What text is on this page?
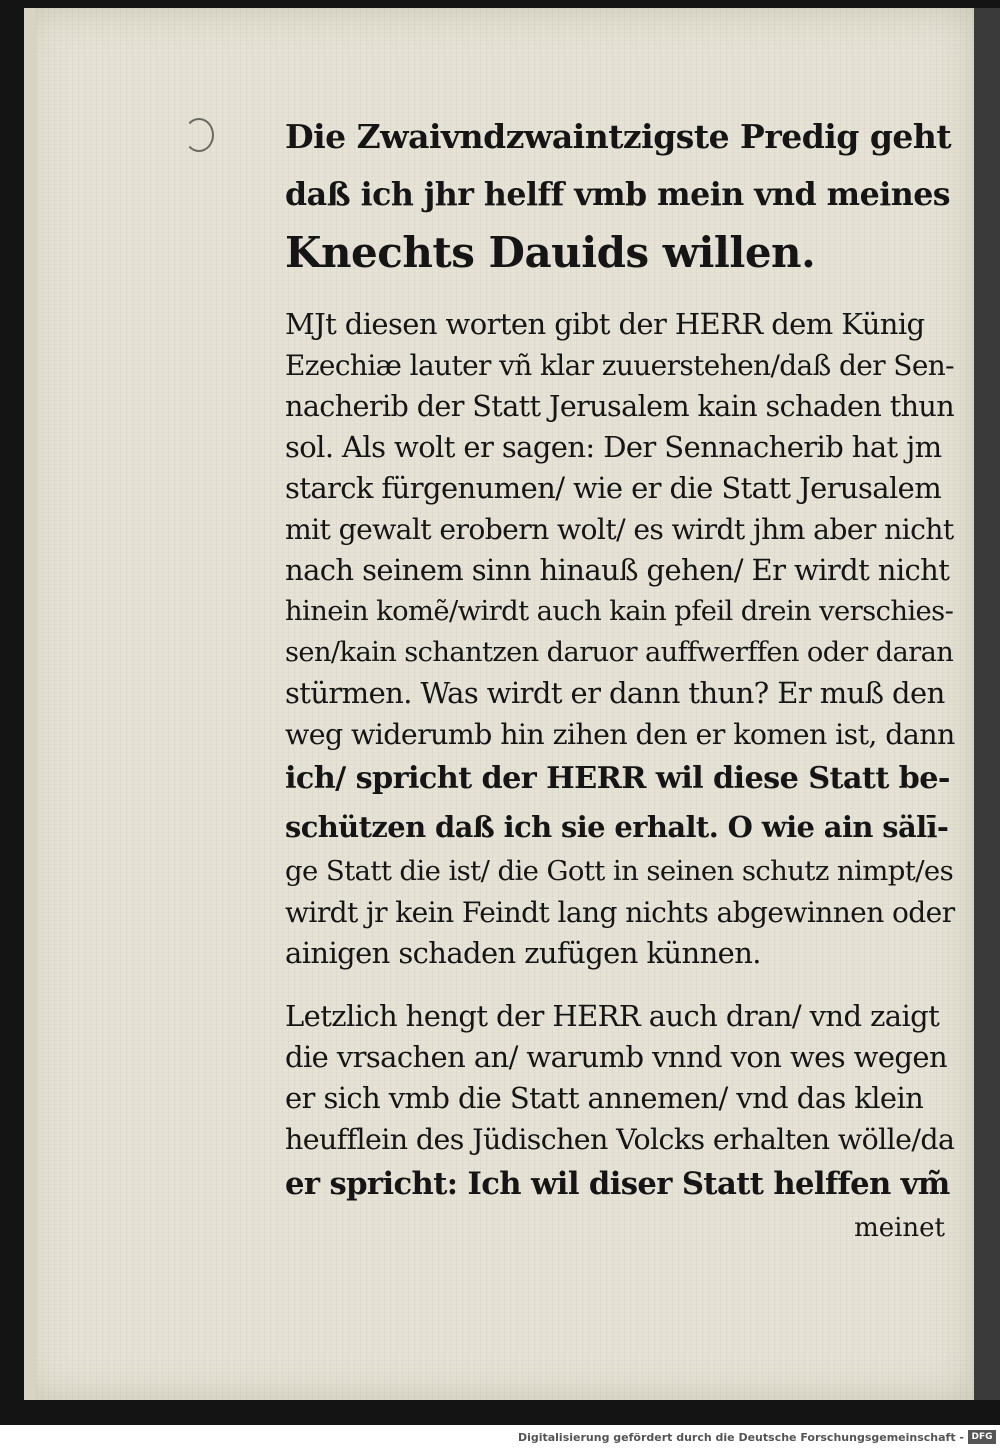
Die Zwaivndzwaintzigste Predig geht
daß ich jhr helff vmb mein vnd meines
Knechts Dauids willen.
MJt diesen worten gibt der HERR dem Künig
Ezechiæ lauter vñ klar zuuerstehen/daß der Sen-
nacherib der Statt Jerusalem kain schaden thun
sol. Als wolt er sagen: Der Sennacherib hat jm
starck fürgenumen/ wie er die Statt Jerusalem
mit gewalt erobern wolt/ es wirdt jhm aber nicht
nach seinem sinn hinauß gehen/ Er wirdt nicht
hinein komẽ/wirdt auch kain pfeil drein verschies-
sen/kain schantzen daruor auffwerffen oder daran
stürmen. Was wirdt er dann thun? Er muß den
weg widerumb hin zihen den er komen ist, dann
ich/ spricht der HERR wil diese Statt be-
schützen daß ich sie erhalt. O wie ain sälī-
ge Statt die ist/ die Gott in seinen schutz nimpt/es
wirdt jr kein Feindt lang nichts abgewinnen oder
ainigen schaden zufügen künnen.
Letzlich hengt der HERR auch dran/ vnd zaigt
die vrsachen an/ warumb vnnd von wes wegen
er sich vmb die Statt annemen/ vnd das klein
heufflein des Jüdischen Volcks erhalten wölle/da
er spricht: Ich wil diser Statt helffen vm̃
meinet
Digitalisierung gefördert durch die Deutsche Forschungsgemeinschaft - DFG
